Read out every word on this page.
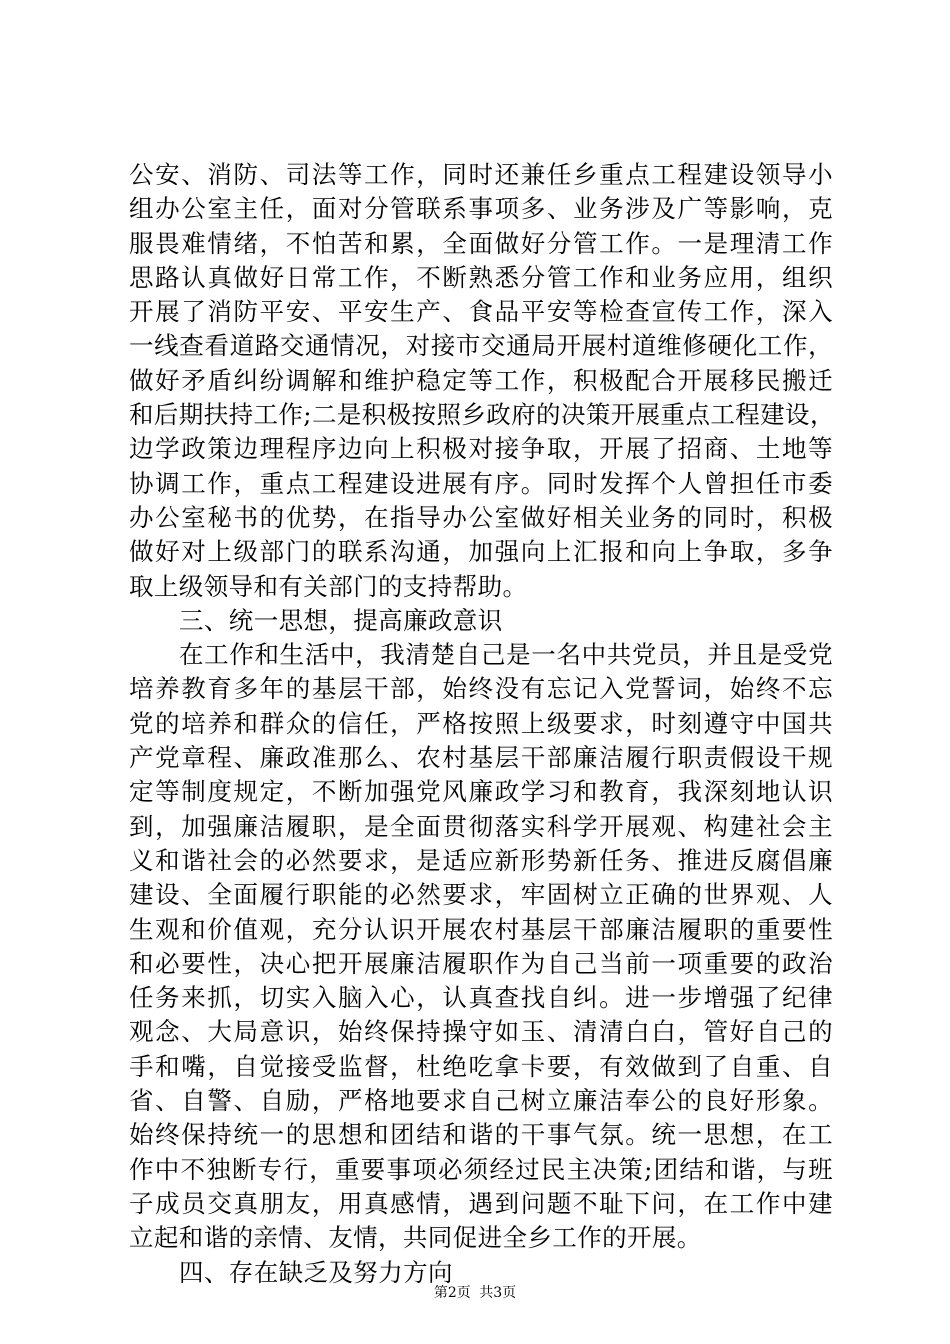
公安、消防、司法等工作，同时还兼任乡重点工程建设领导小
组办公室主任，面对分管联系事项多、业务涉及广等影响，克
服畏难情绪，不怕苦和累，全面做好分管工作。一是理清工作
思路认真做好日常工作，不断熟悉分管工作和业务应用，组织
开展了消防平安、平安生产、食品平安等检查宣传工作，深入
一线查看道路交通情况，对接市交通局开展村道维修硬化工作，
做好矛盾纠纷调解和维护稳定等工作，积极配合开展移民搬迁
和后期扶持工作;二是积极按照乡政府的决策开展重点工程建设，
边学政策边理程序边向上积极对接争取，开展了招商、土地等
协调工作，重点工程建设进展有序。同时发挥个人曾担任市委
办公室秘书的优势，在指导办公室做好相关业务的同时，积极
做好对上级部门的联系沟通，加强向上汇报和向上争取，多争
取上级领导和有关部门的支持帮助。
三、统一思想，提高廉政意识
在工作和生活中，我清楚自己是一名中共党员，并且是受党
培养教育多年的基层干部，始终没有忘记入党誓词，始终不忘
党的培养和群众的信任，严格按照上级要求，时刻遵守中国共
产党章程、廉政准那么、农村基层干部廉洁履行职责假设干规
定等制度规定，不断加强党风廉政学习和教育，我深刻地认识
到，加强廉洁履职，是全面贯彻落实科学开展观、构建社会主
义和谐社会的必然要求，是适应新形势新任务、推进反腐倡廉
建设、全面履行职能的必然要求，牢固树立正确的世界观、人
生观和价值观，充分认识开展农村基层干部廉洁履职的重要性
和必要性，决心把开展廉洁履职作为自己当前一项重要的政治
任务来抓，切实入脑入心，认真查找自纠。进一步增强了纪律
观念、大局意识，始终保持操守如玉、清清白白，管好自己的
手和嘴，自觉接受监督，杜绝吃拿卡要，有效做到了自重、自
省、自警、自励，严格地要求自己树立廉洁奉公的良好形象。
始终保持统一的思想和团结和谐的干事气氛。统一思想，在工
作中不独断专行，重要事项必须经过民主决策;团结和谐，与班
子成员交真朋友，用真感情，遇到问题不耻下问，在工作中建
立起和谐的亲情、友情，共同促进全乡工作的开展。
四、存在缺乏及努力方向
第2页 共3页
